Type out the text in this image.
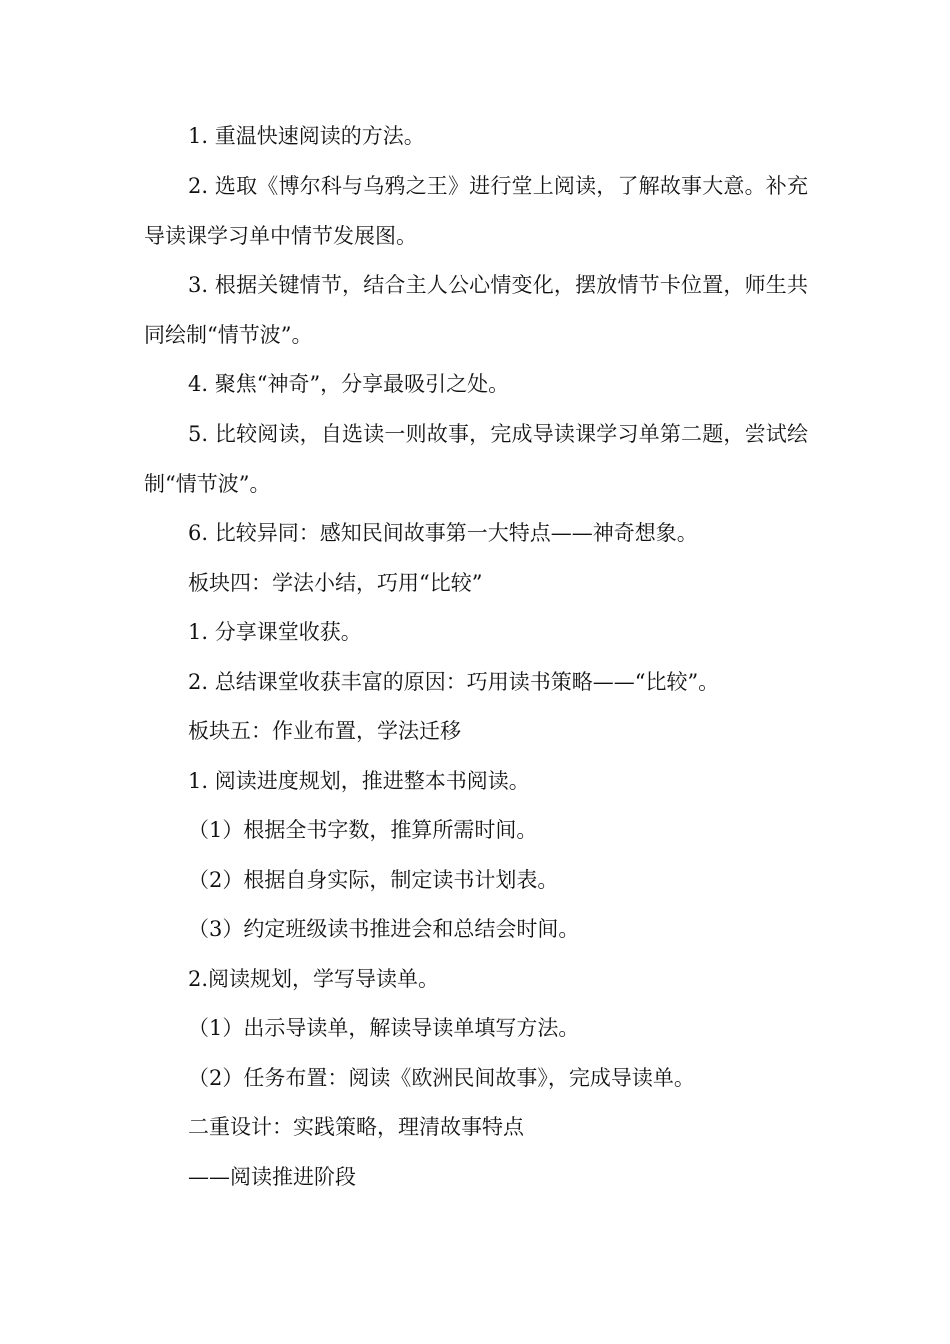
1. 重温快速阅读的方法。

2. 选取《博尔科与乌鸦之王》进行堂上阅读，了解故事大意。补充导读课学习单中情节发展图。

3. 根据关键情节，结合主人公心情变化，摆放情节卡位置，师生共同绘制“情节波”。

4. 聚焦“神奇”，分享最吸引之处。

5. 比较阅读，自选读一则故事，完成导读课学习单第二题，尝试绘制“情节波”。

6. 比较异同：感知民间故事第一大特点——神奇想象。

板块四：学法小结，巧用“比较”

1. 分享课堂收获。

2. 总结课堂收获丰富的原因：巧用读书策略——“比较”。

板块五：作业布置，学法迁移

1. 阅读进度规划，推进整本书阅读。

（1）根据全书字数，推算所需时间。

（2）根据自身实际，制定读书计划表。

（3）约定班级读书推进会和总结会时间。

2.阅读规划，学写导读单。

（1）出示导读单，解读导读单填写方法。

（2）任务布置：阅读《欧洲民间故事》，完成导读单。

二重设计：实践策略，理清故事特点

——阅读推进阶段
